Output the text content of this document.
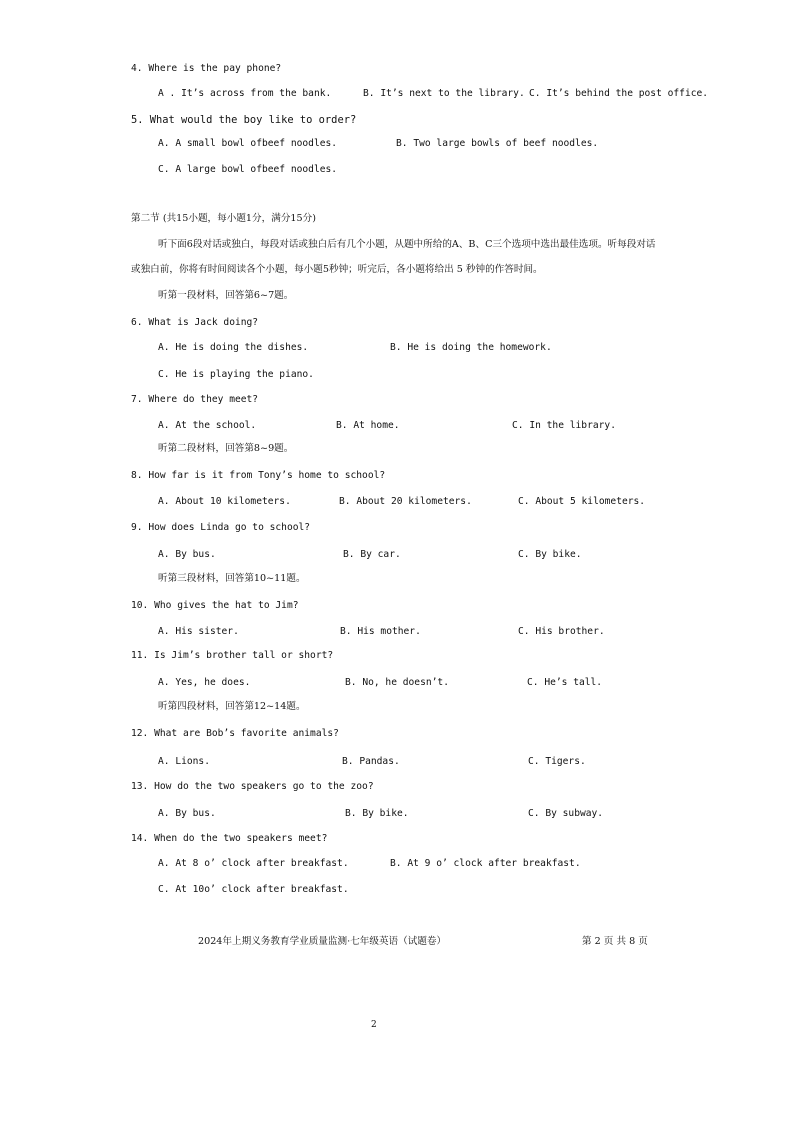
4. Where is the pay phone?
A . It’s across from the bank.	B. It’s next to the library. C. It’s behind the post office.
5. What would the boy like to order?
A. A small bowl ofbeef noodles.	B. Two large bowls of beef noodles.
C. A large bowl ofbeef noodles.
第二节 (共15小题，每小题1分，满分15分)
听下面6段对话或独白，每段对话或独白后有几个小题，从题中所给的A、B、C三个选项中选出最佳选项。听每段对话
或独白前，你将有时间阅读各个小题，每小题5秒钟；听完后，各小题将给出 5 秒钟的作答时间。
听第一段材料，回答第6~7题。
6. What is Jack doing?
A. He is doing the dishes.	B. He is doing the homework.
C. He is playing the piano.
7. Where do they meet?
A. At the school.	B. At home.	C. In the library.
听第二段材料，回答第8~9题。
8. How far is it from Tony’s home to school?
A. About 10 kilometers.	B. About 20 kilometers.	C. About 5 kilometers.
9. How does Linda go to school?
A. By bus.	B. By car.	C. By bike.
听第三段材料，回答第10~11题。
10. Who gives the hat to Jim?
A. His sister.	B. His mother.	C. His brother.
11. Is Jim’s brother tall or short?
A. Yes, he does.	B. No, he doesn’t.	C. He’s tall.
听第四段材料，回答第12~14题。
12. What are Bob’s favorite animals?
A. Lions.	B. Pandas.	C. Tigers.
13. How do the two speakers go to the zoo?
A. By bus.	B. By bike.	C. By subway.
14. When do the two speakers meet?
A. At 8 o’ clock after breakfast.	B. At 9 o’ clock after breakfast.
C. At 10o’ clock after breakfast.
2024年上期义务教育学业质量监测·七年级英语（试题卷）	第 2 页 共 8 页
2
